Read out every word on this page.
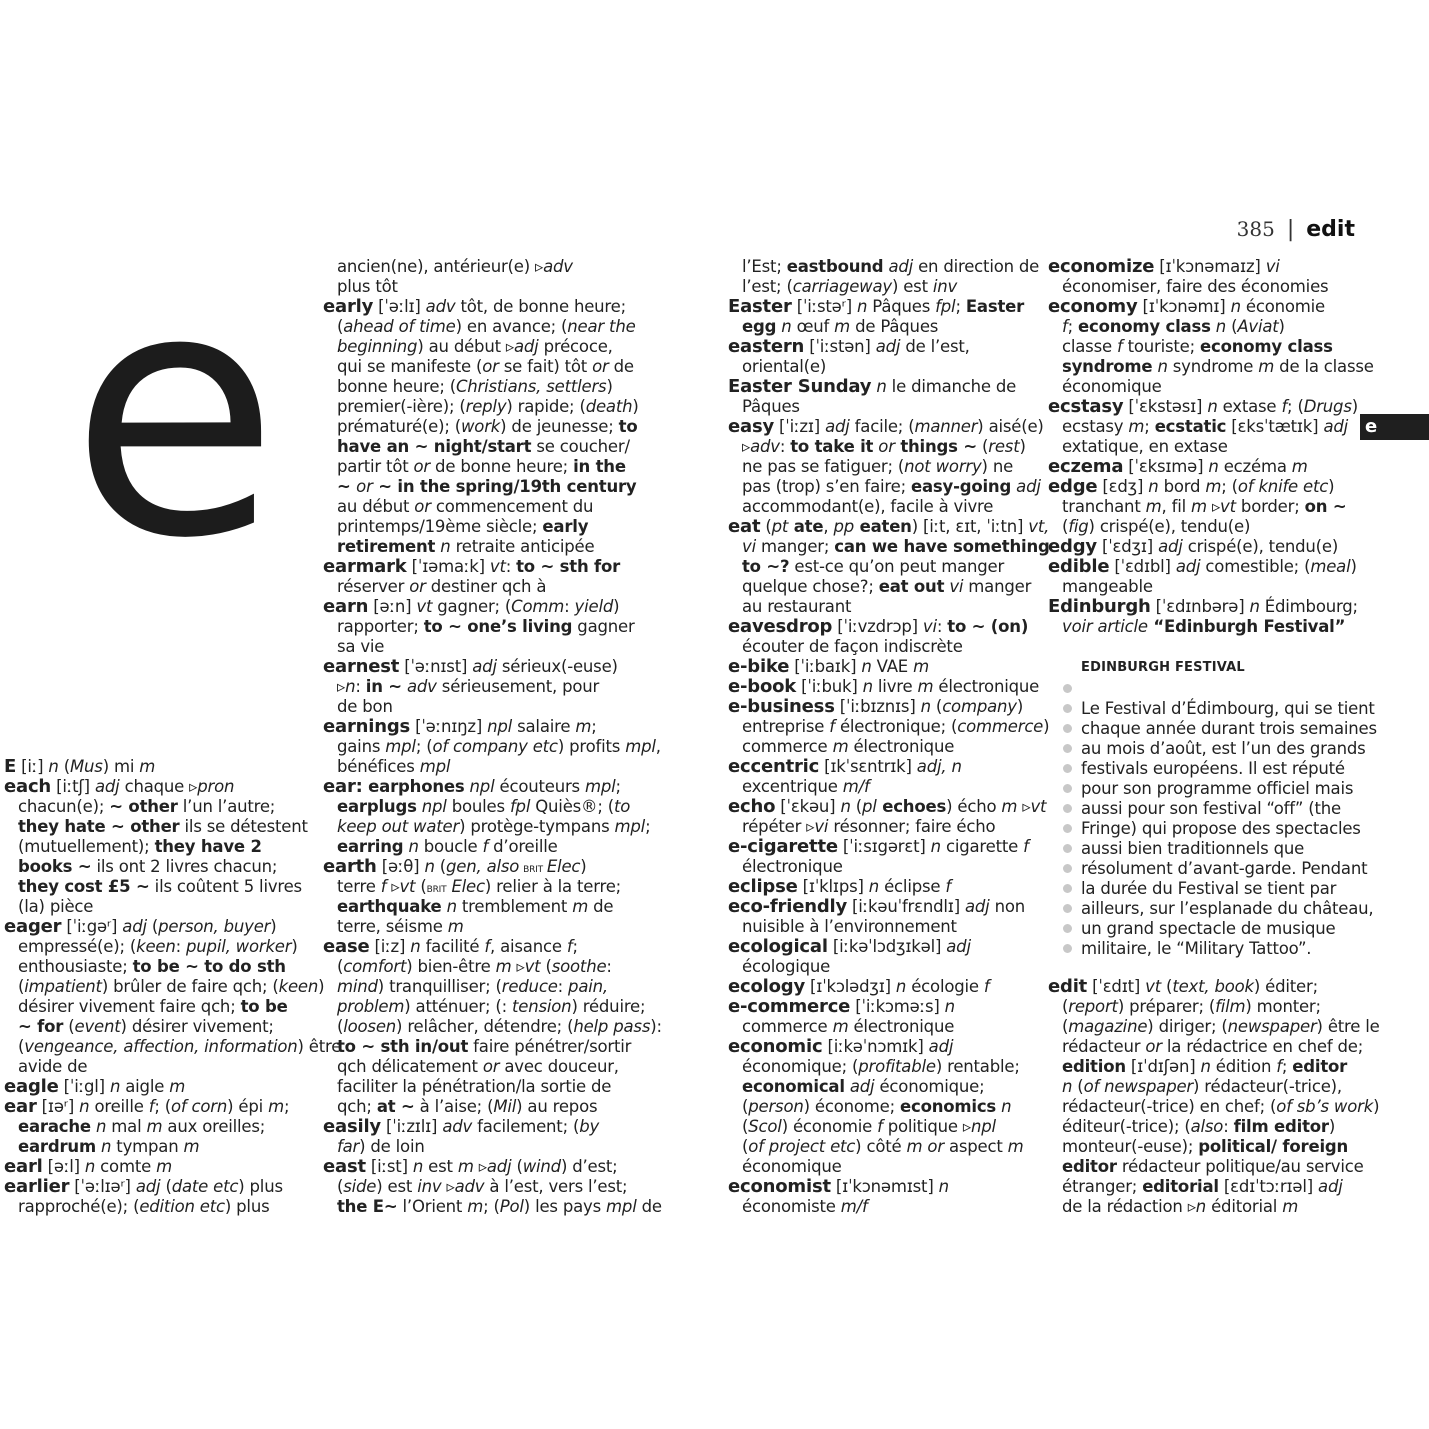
385 | edit
e	e
E [iː] n (Mus) mi m
each [iːtʃ] adj chaque ▹pron
chacun(e); ~ other l’un l’autre;
they hate ~ other ils se détestent
(mutuellement); they have 2
books ~ ils ont 2 livres chacun;
they cost £5 ~ ils coûtent 5 livres
(la) pièce
eager [ˈiːgəʳ] adj (person, buyer)
empressé(e); (keen: pupil, worker)
enthousiaste; to be ~ to do sth
(impatient) brûler de faire qch; (keen)
désirer vivement faire qch; to be
~ for (event) désirer vivement;
(vengeance, affection, information) être
avide de
eagle [ˈiːgl] n aigle m
ear [ɪəʳ] n oreille f; (of corn) épi m;
earache n mal m aux oreilles;
eardrum n tympan m
earl [əːl] n comte m
earlier [ˈəːlɪəʳ] adj (date etc) plus
rapproché(e); (edition etc) plus
ancien(ne), antérieur(e) ▹adv
plus tôt
early [ˈəːlɪ] adv tôt, de bonne heure;
(ahead of time) en avance; (near the
beginning) au début ▹adj précoce,
qui se manifeste (or se fait) tôt or de
bonne heure; (Christians, settlers)
premier(-ière); (reply) rapide; (death)
prématuré(e); (work) de jeunesse; to
have an ~ night/start se coucher/
partir tôt or de bonne heure; in the
~ or ~ in the spring/19th century
au début or commencement du
printemps/19ème siècle; early
retirement n retraite anticipée
earmark [ˈɪəmaːk] vt: to ~ sth for
réserver or destiner qch à
earn [əːn] vt gagner; (Comm: yield)
rapporter; to ~ one’s living gagner
sa vie
earnest [ˈəːnɪst] adj sérieux(-euse)
▹n: in ~ adv sérieusement, pour
de bon
earnings [ˈəːnɪŋz] npl salaire m;
gains mpl; (of company etc) profits mpl,
bénéfices mpl
ear: earphones npl écouteurs mpl;
earplugs npl boules fpl Quiès®; (to
keep out water) protège-tympans mpl;
earring n boucle f d’oreille
earth [əːθ] n (gen, also brit Elec)
terre f ▹vt (brit Elec) relier à la terre;
earthquake n tremblement m de
terre, séisme m
ease [iːz] n facilité f, aisance f;
(comfort) bien-être m ▹vt (soothe:
mind) tranquilliser; (reduce: pain,
problem) atténuer; (: tension) réduire;
(loosen) relâcher, détendre; (help pass):
to ~ sth in/out faire pénétrer/sortir
qch délicatement or avec douceur,
faciliter la pénétration/la sortie de
qch; at ~ à l’aise; (Mil) au repos
easily [ˈiːzɪlɪ] adv facilement; (by
far) de loin
east [iːst] n est m ▹adj (wind) d’est;
(side) est inv ▹adv à l’est, vers l’est;
the E~ l’Orient m; (Pol) les pays mpl de
l’Est; eastbound adj en direction de
l’est; (carriageway) est inv
Easter [ˈiːstəʳ] n Pâques fpl; Easter
egg n œuf m de Pâques
eastern [ˈiːstən] adj de l’est,
oriental(e)
Easter Sunday n le dimanche de
Pâques
easy [ˈiːzɪ] adj facile; (manner) aisé(e)
▹adv: to take it or things ~ (rest)
ne pas se fatiguer; (not worry) ne
pas (trop) s’en faire; easy-going adj
accommodant(e), facile à vivre
eat (pt ate, pp eaten) [iːt, ɛɪt, ˈiːtn] vt,
vi manger; can we have something
to ~? est-ce qu’on peut manger
quelque chose?; eat out vi manger
au restaurant
eavesdrop [ˈiːvzdrɔp] vi: to ~ (on)
écouter de façon indiscrète
e-bike [ˈiːbaɪk] n VAE m
e-book [ˈiːbuk] n livre m électronique
e-business [ˈiːbɪznɪs] n (company)
entreprise f électronique; (commerce)
commerce m électronique
eccentric [ɪkˈsɛntrɪk] adj, n
excentrique m/f
echo [ˈɛkəu] n (pl echoes) écho m ▹vt
répéter ▹vi résonner; faire écho
e-cigarette [ˈiːsɪgərɛt] n cigarette f
électronique
eclipse [ɪˈklɪps] n éclipse f
eco-friendly [iːkəuˈfrɛndlɪ] adj non
nuisible à l’environnement
ecological [iːkəˈlɔdʒɪkəl] adj
écologique
ecology [ɪˈkɔlədʒɪ] n écologie f
e-commerce [ˈiːkɔməːs] n
commerce m électronique
economic [iːkəˈnɔmɪk] adj
économique; (profitable) rentable;
economical adj économique;
(person) économe; economics n
(Scol) économie f politique ▹npl
(of project etc) côté m or aspect m
économique
economist [ɪˈkɔnəmɪst] n
économiste m/f
economize [ɪˈkɔnəmaɪz] vi
économiser, faire des économies
economy [ɪˈkɔnəmɪ] n économie
f; economy class n (Aviat)
classe f touriste; economy class
syndrome n syndrome m de la classe
économique
ecstasy [ˈɛkstəsɪ] n extase f; (Drugs)
ecstasy m; ecstatic [ɛksˈtætɪk] adj
extatique, en extase
eczema [ˈɛksɪmə] n eczéma m
edge [ɛdʒ] n bord m; (of knife etc)
tranchant m, fil m ▹vt border; on ~
(fig) crispé(e), tendu(e)
edgy [ˈɛdʒɪ] adj crispé(e), tendu(e)
edible [ˈɛdɪbl] adj comestible; (meal)
mangeable
Edinburgh [ˈɛdɪnbərə] n Édimbourg;
voir article “Edinburgh Festival”
EDINBURGH FESTIVAL
Le Festival d’Édimbourg, qui se tient
chaque année durant trois semaines
au mois d’août, est l’un des grands
festivals européens. Il est réputé
pour son programme officiel mais
aussi pour son festival “off” (the
Fringe) qui propose des spectacles
aussi bien traditionnels que
résolument d’avant-garde. Pendant
la durée du Festival se tient par
ailleurs, sur l’esplanade du château,
un grand spectacle de musique
militaire, le “Military Tattoo”.
edit [ˈɛdɪt] vt (text, book) éditer;
(report) préparer; (film) monter;
(magazine) diriger; (newspaper) être le
rédacteur or la rédactrice en chef de;
edition [ɪˈdɪʃən] n édition f; editor
n (of newspaper) rédacteur(-trice),
rédacteur(-trice) en chef; (of sb’s work)
éditeur(-trice); (also: film editor)
monteur(-euse); political/ foreign
editor rédacteur politique/au service
étranger; editorial [ɛdɪˈtɔːrɪəl] adj
de la rédaction ▹n éditorial m
